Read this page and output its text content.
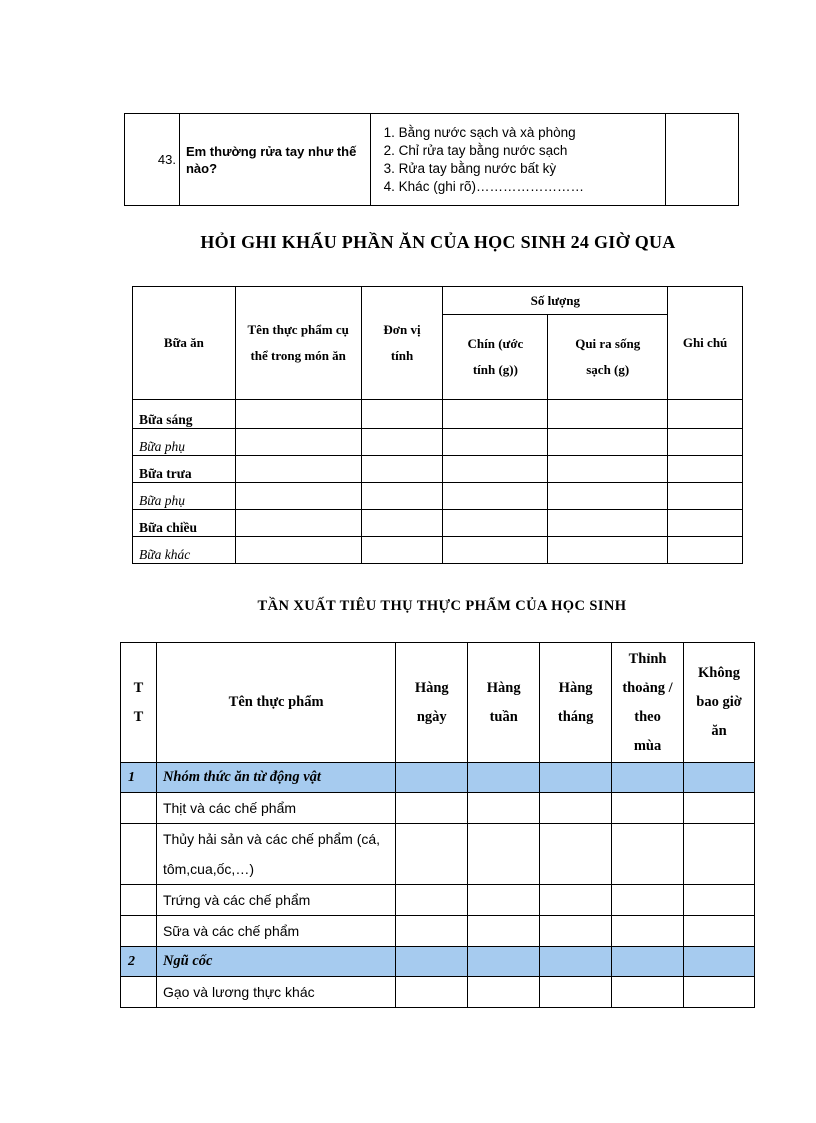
43.	Em thường rửa tay như thế nào?	
1. Bằng nước sạch và xà phòng
2. Chỉ rửa tay bằng nước sạch
3. Rửa tay bằng nước bất kỳ
4. Khác (ghi rõ)……………………

HỎI GHI KHẨU PHẦN ĂN CỦA HỌC SINH 24 GIỜ QUA
Bữa ăn	Tên thực phẩm cụ thể trong món ăn	Đơn vị tính	Số lượng		Ghi chú
			Chín (ước tính (g))	Qui ra sống sạch (g)	
Bữa sáng					
Bữa phụ					
Bữa trưa					
Bữa phụ					
Bữa chiều					
Bữa khác					
TẦN XUẤT TIÊU THỤ THỰC PHẨM CỦA HỌC SINH
T T	Tên thực phẩm	Hàng ngày	Hàng tuần	Hàng tháng	Thỉnh thoảng / theo mùa	Không bao giờ ăn
1	Nhóm thức ăn từ động vật					
	Thịt và các chế phẩm					
	Thủy hải sản và các chế phẩm (cá, tôm,cua,ốc,…)					
	Trứng và các chế phẩm					
	Sữa và các chế phẩm					
2	Ngũ cốc					
	Gạo và lương thực khác					
